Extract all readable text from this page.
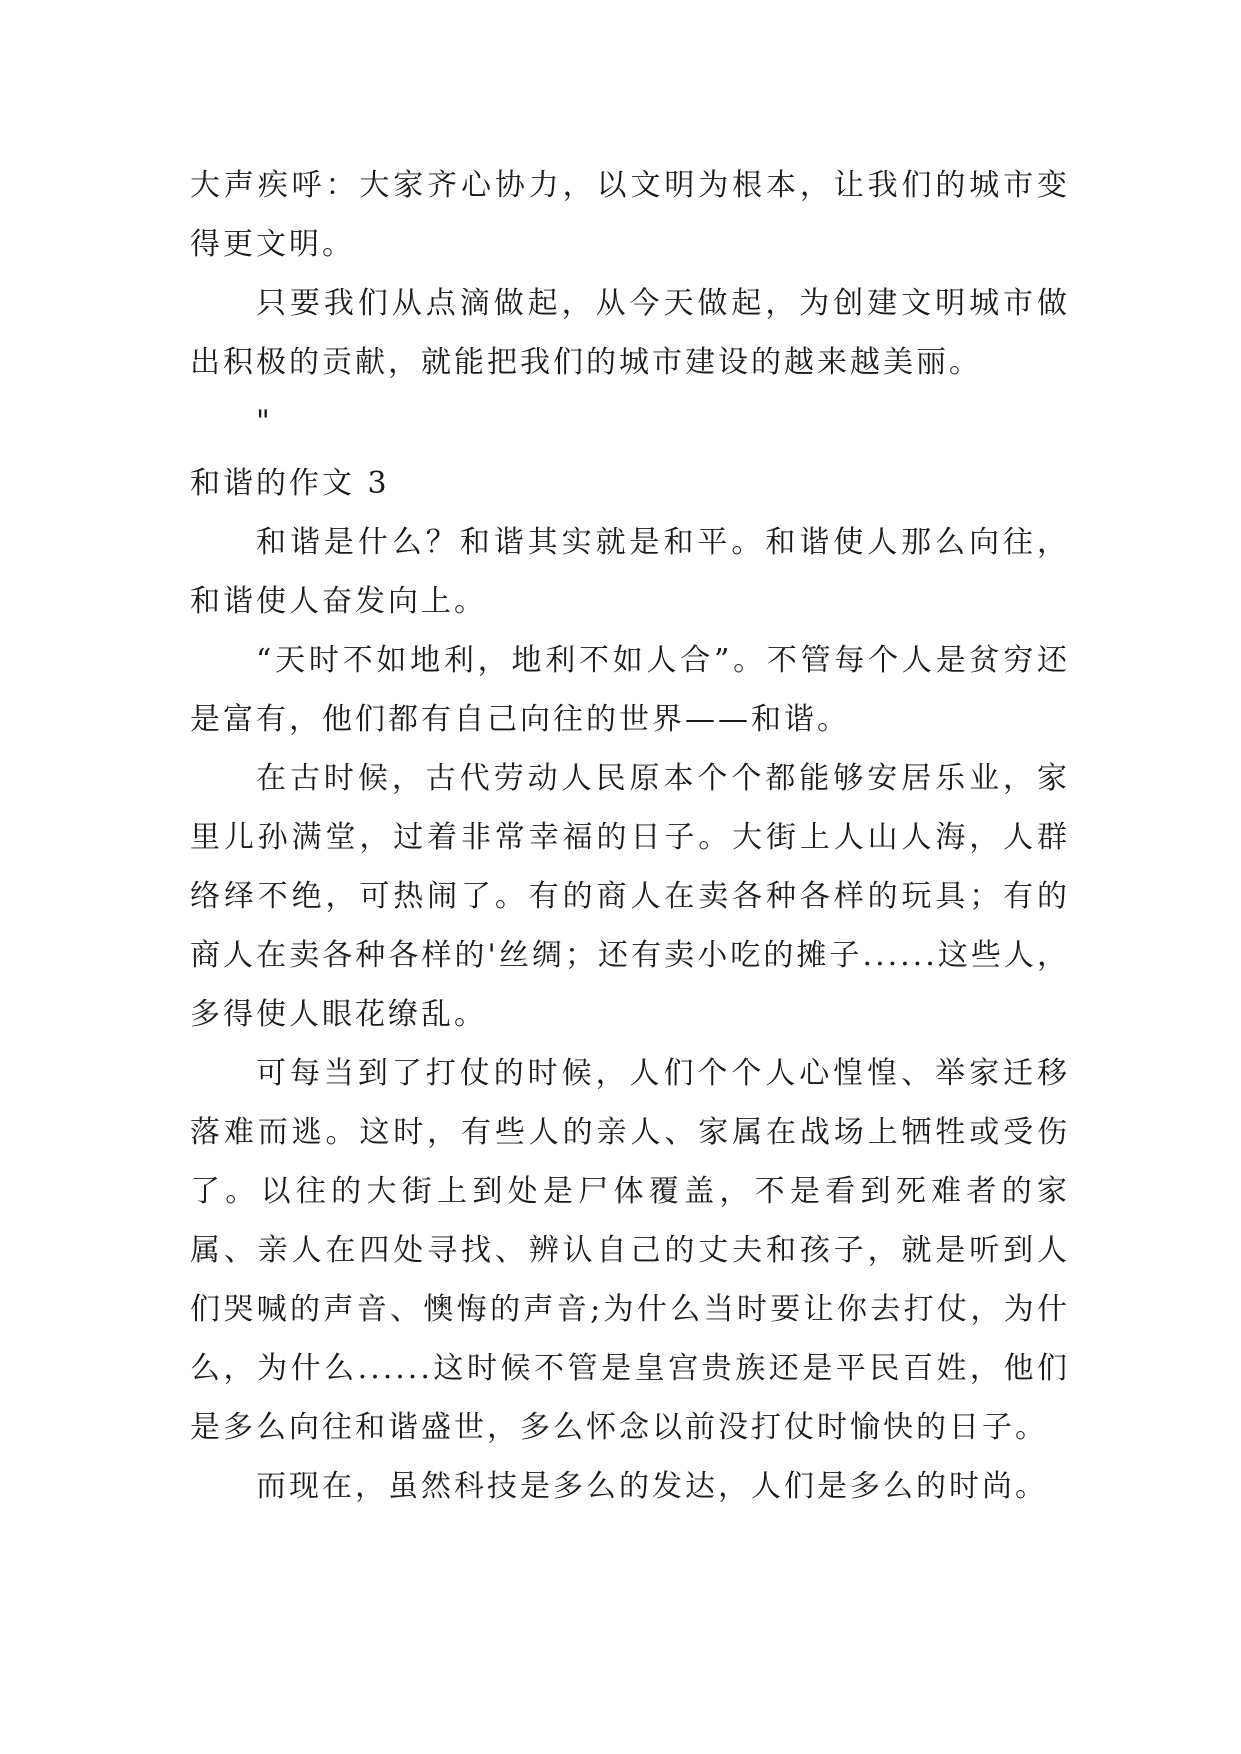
大声疾呼：大家齐心协力，以文明为根本，让我们的城市变得更文明。

只要我们从点滴做起，从今天做起，为创建文明城市做出积极的贡献，就能把我们的城市建设的越来越美丽。

"

和谐的作文 3

和谐是什么？和谐其实就是和平。和谐使人那么向往，和谐使人奋发向上。

“天时不如地利，地利不如人合”。不管每个人是贫穷还是富有，他们都有自己向往的世界——和谐。

在古时候，古代劳动人民原本个个都能够安居乐业，家里儿孙满堂，过着非常幸福的日子。大街上人山人海，人群络绎不绝，可热闹了。有的商人在卖各种各样的玩具；有的商人在卖各种各样的'丝绸；还有卖小吃的摊子......这些人，多得使人眼花缭乱。

可每当到了打仗的时候，人们个个人心惶惶、举家迁移落难而逃。这时，有些人的亲人、家属在战场上牺牲或受伤了。以往的大街上到处是尸体覆盖，不是看到死难者的家属、亲人在四处寻找、辨认自己的丈夫和孩子，就是听到人们哭喊的声音、懊悔的声音;为什么当时要让你去打仗，为什么，为什么......这时候不管是皇宫贵族还是平民百姓，他们是多么向往和谐盛世，多么怀念以前没打仗时愉快的日子。

而现在，虽然科技是多么的发达，人们是多么的时尚。
